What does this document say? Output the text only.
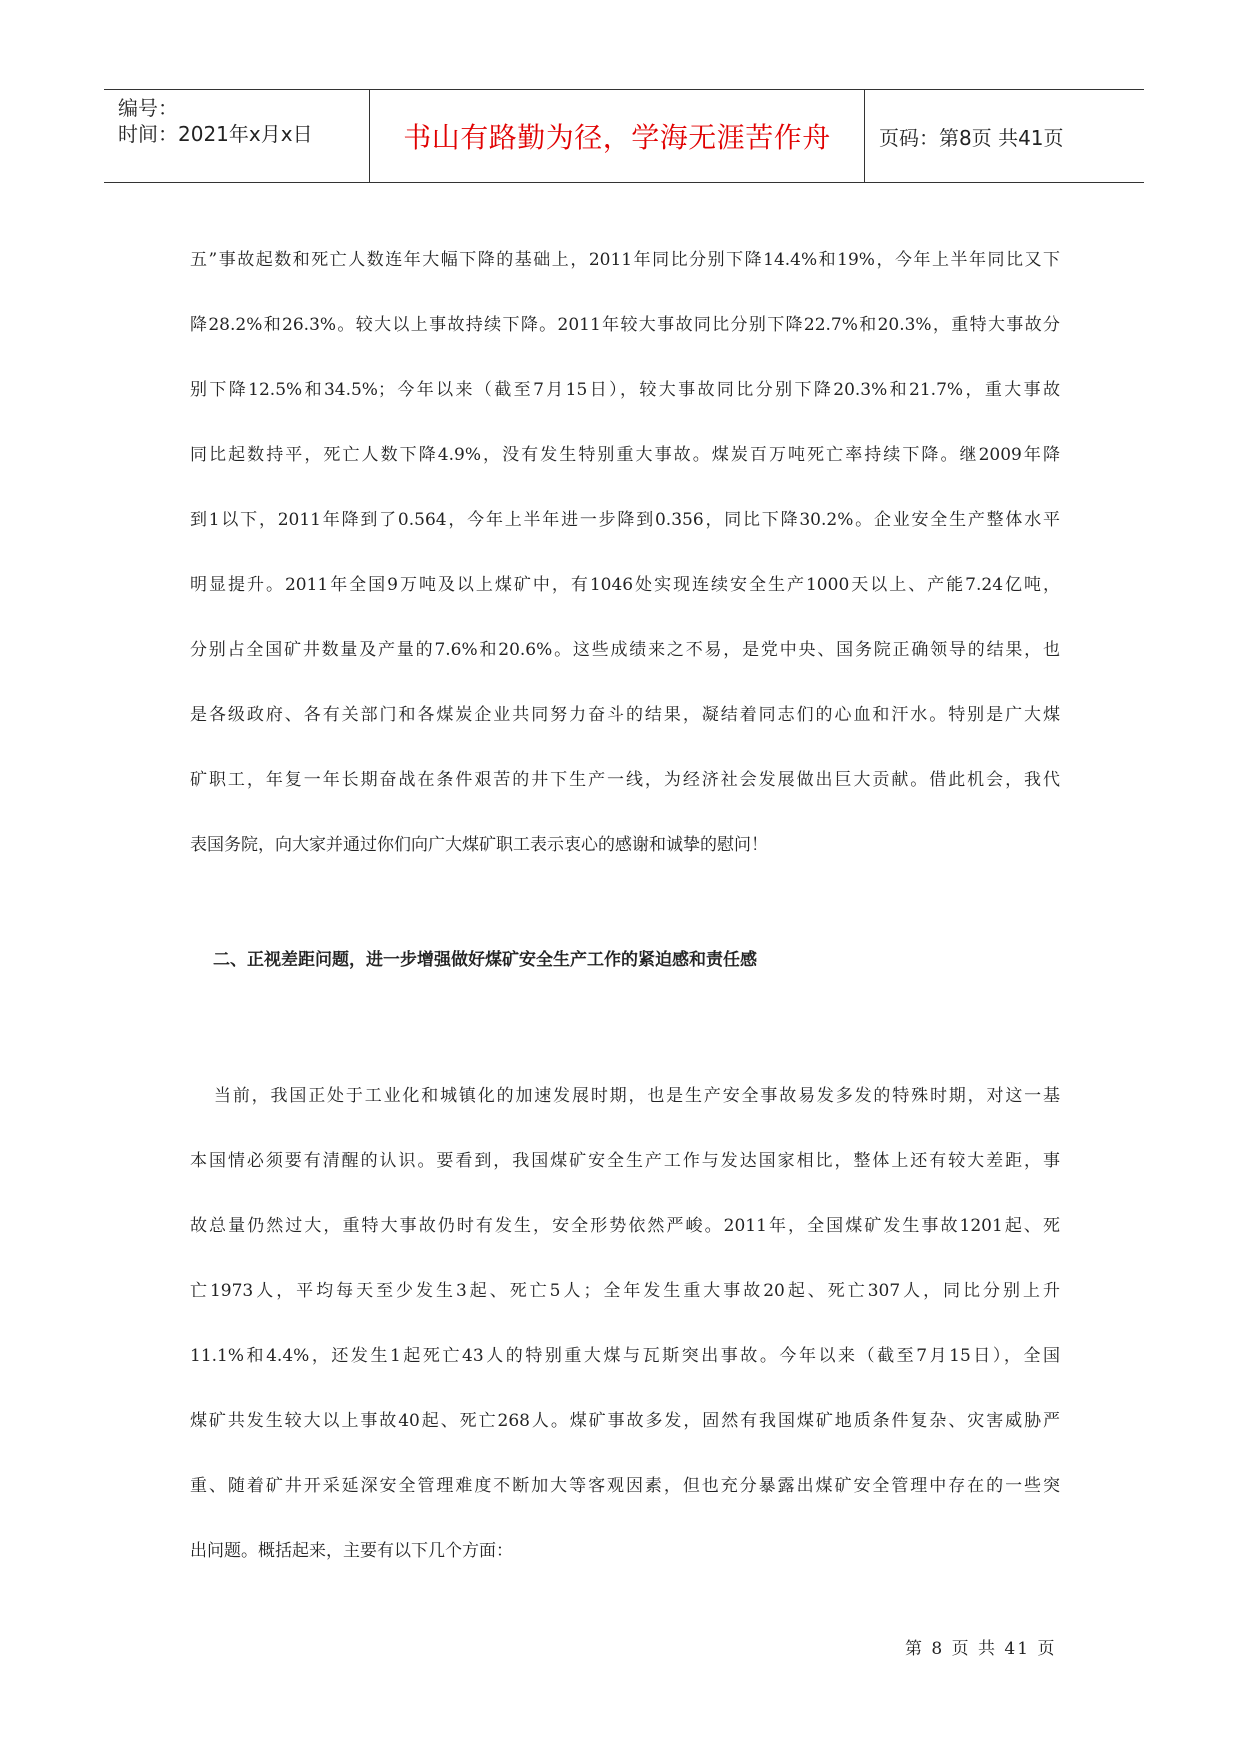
编号：
时间：2021年x月x日	书山有路勤为径，学海无涯苦作舟 页码：第8页 共41页
五”事故起数和死亡人数连年大幅下降的基础上，2011年同比分别下降14.4%和19%，今年上半年同比又下
降28.2%和26.3%。较大以上事故持续下降。2011年较大事故同比分别下降22.7%和20.3%，重特大事故分
别下降12.5%和34.5%；今年以来（截至7月15日），较大事故同比分别下降20.3%和21.7%，重大事故
同比起数持平，死亡人数下降4.9%，没有发生特别重大事故。煤炭百万吨死亡率持续下降。继2009年降
到1以下，2011年降到了0.564，今年上半年进一步降到0.356，同比下降30.2%。企业安全生产整体水平
明显提升。2011年全国9万吨及以上煤矿中，有1046处实现连续安全生产1000天以上、产能7.24亿吨，
分别占全国矿井数量及产量的7.6%和20.6%。这些成绩来之不易，是党中央、国务院正确领导的结果，也
是各级政府、各有关部门和各煤炭企业共同努力奋斗的结果，凝结着同志们的心血和汗水。特别是广大煤
矿职工，年复一年长期奋战在条件艰苦的井下生产一线，为经济社会发展做出巨大贡献。借此机会，我代
表国务院，向大家并通过你们向广大煤矿职工表示衷心的感谢和诚挚的慰问！
二、正视差距问题，进一步增强做好煤矿安全生产工作的紧迫感和责任感
当前，我国正处于工业化和城镇化的加速发展时期，也是生产安全事故易发多发的特殊时期，对这一基
本国情必须要有清醒的认识。要看到，我国煤矿安全生产工作与发达国家相比，整体上还有较大差距，事
故总量仍然过大，重特大事故仍时有发生，安全形势依然严峻。2011年，全国煤矿发生事故1201起、死
亡1973人，平均每天至少发生3起、死亡5人；全年发生重大事故20起、死亡307人，同比分别上升
11.1%和4.4%，还发生1起死亡43人的特别重大煤与瓦斯突出事故。今年以来（截至7月15日），全国
煤矿共发生较大以上事故40起、死亡268人。煤矿事故多发，固然有我国煤矿地质条件复杂、灾害威胁严
重、随着矿井开采延深安全管理难度不断加大等客观因素，但也充分暴露出煤矿安全管理中存在的一些突
出问题。概括起来，主要有以下几个方面：
第 8 页 共 41 页
